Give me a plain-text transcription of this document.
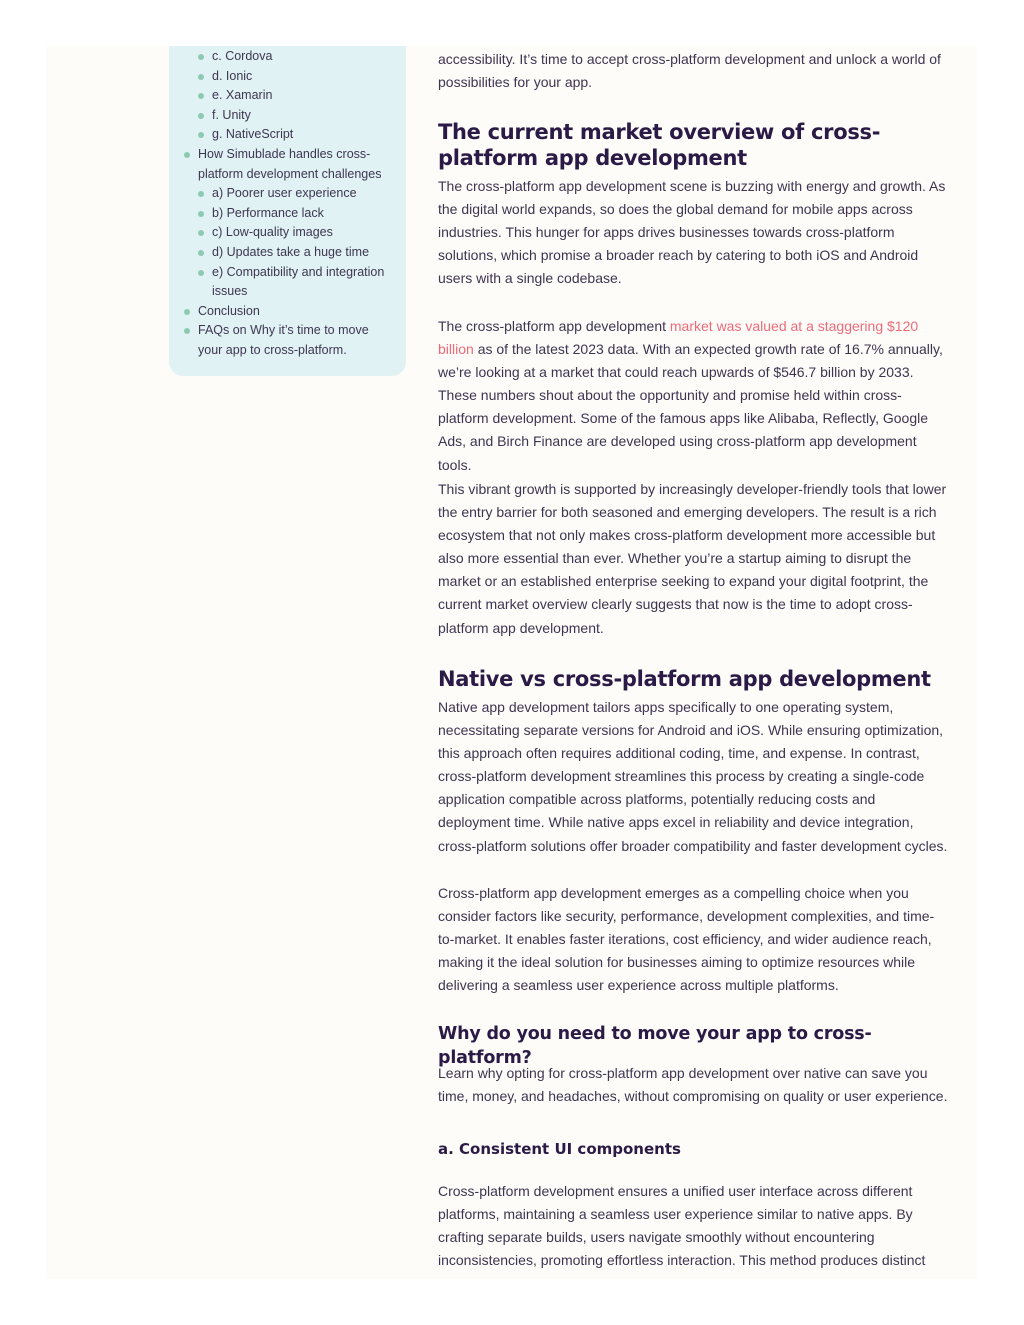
c. Cordova
d. Ionic
e. Xamarin
f. Unity
g. NativeScript
How Simublade handles cross-platform development challenges
a) Poorer user experience
b) Performance lack
c) Low-quality images
d) Updates take a huge time
e) Compatibility and integration issues
Conclusion
FAQs on Why it’s time to move your app to cross-platform.

accessibility. It’s time to accept cross-platform development and unlock a world of possibilities for your app.

The current market overview of cross-platform app development

The cross-platform app development scene is buzzing with energy and growth. As the digital world expands, so does the global demand for mobile apps across industries. This hunger for apps drives businesses towards cross-platform solutions, which promise a broader reach by catering to both iOS and Android users with a single codebase.

The cross-platform app development market was valued at a staggering $120 billion as of the latest 2023 data. With an expected growth rate of 16.7% annually, we’re looking at a market that could reach upwards of $546.7 billion by 2033. These numbers shout about the opportunity and promise held within cross-platform development. Some of the famous apps like Alibaba, Reflectly, Google Ads, and Birch Finance are developed using cross-platform app development tools.

This vibrant growth is supported by increasingly developer-friendly tools that lower the entry barrier for both seasoned and emerging developers. The result is a rich ecosystem that not only makes cross-platform development more accessible but also more essential than ever. Whether you’re a startup aiming to disrupt the market or an established enterprise seeking to expand your digital footprint, the current market overview clearly suggests that now is the time to adopt cross-platform app development.

Native vs cross-platform app development

Native app development tailors apps specifically to one operating system, necessitating separate versions for Android and iOS. While ensuring optimization, this approach often requires additional coding, time, and expense. In contrast, cross-platform development streamlines this process by creating a single-code application compatible across platforms, potentially reducing costs and deployment time. While native apps excel in reliability and device integration, cross-platform solutions offer broader compatibility and faster development cycles.

Cross-platform app development emerges as a compelling choice when you consider factors like security, performance, development complexities, and time-to-market. It enables faster iterations, cost efficiency, and wider audience reach, making it the ideal solution for businesses aiming to optimize resources while delivering a seamless user experience across multiple platforms.

Why do you need to move your app to cross-platform?

Learn why opting for cross-platform app development over native can save you time, money, and headaches, without compromising on quality or user experience.

a. Consistent UI components

Cross-platform development ensures a unified user interface across different platforms, maintaining a seamless user experience similar to native apps. By crafting separate builds, users navigate smoothly without encountering inconsistencies, promoting effortless interaction. This method produces distinct
